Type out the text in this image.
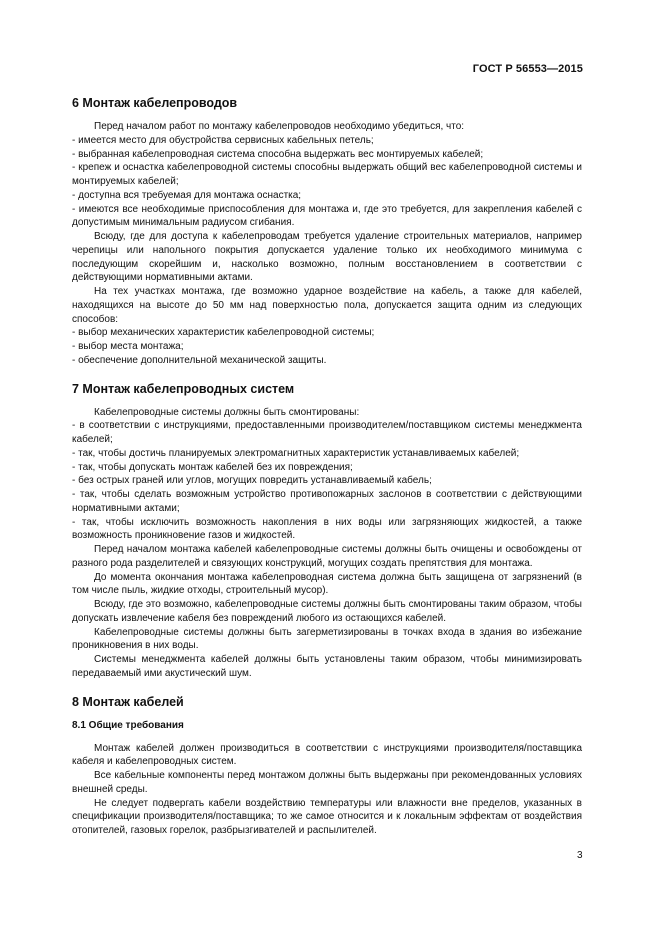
ГОСТ Р 56553—2015
6 Монтаж кабелепроводов

Перед началом работ по монтажу кабелепроводов необходимо убедиться, что:

- имеется место для обустройства сервисных кабельных петель;

- выбранная кабелепроводная система способна выдержать вес монтируемых кабелей;

- крепеж и оснастка кабелепроводной системы способны выдержать общий вес кабелепроводной системы и монтируемых кабелей;

- доступна вся требуемая для монтажа оснастка;

- имеются все необходимые приспособления для монтажа и, где это требуется, для закрепления кабелей с допустимым минимальным радиусом сгибания.

Всюду, где для доступа к кабелепроводам требуется удаление строительных материалов, например черепицы или напольного покрытия допускается удаление только их необходимого минимума с последующим скорейшим и, насколько возможно, полным восстановлением в соответствии с действующими нормативными актами.

На тех участках монтажа, где возможно ударное воздействие на кабель, а также для кабелей, находящихся на высоте до 50 мм над поверхностью пола, допускается защита одним из следующих способов:

- выбор механических характеристик кабелепроводной системы;

- выбор места монтажа;

- обеспечение дополнительной механической защиты.

7 Монтаж кабелепроводных систем

Кабелепроводные системы должны быть смонтированы:

- в соответствии с инструкциями, предоставленными производителем/поставщиком системы менеджмента кабелей;

- так, чтобы достичь планируемых электромагнитных характеристик устанавливаемых кабелей;

- так, чтобы допускать монтаж кабелей без их повреждения;

- без острых граней или углов, могущих повредить устанавливаемый кабель;

- так, чтобы сделать возможным устройство противопожарных заслонов в соответствии с действующими нормативными актами;

- так, чтобы исключить возможность накопления в них воды или загрязняющих жидкостей, а также возможность проникновение газов и жидкостей.

Перед началом монтажа кабелей кабелепроводные системы должны быть очищены и освобождены от разного рода разделителей и связующих конструкций, могущих создать препятствия для монтажа.

До момента окончания монтажа кабелепроводная система должна быть защищена от загрязнений (в том числе пыль, жидкие отходы, строительный мусор).

Всюду, где это возможно, кабелепроводные системы должны быть смонтированы таким образом, чтобы допускать извлечение кабеля без повреждений любого из остающихся кабелей.

Кабелепроводные системы должны быть загерметизированы в точках входа в здания во избежание проникновения в них воды.

Системы менеджмента кабелей должны быть установлены таким образом, чтобы минимизировать передаваемый ими акустический шум.

8 Монтаж кабелей
8.1 Общие требования

Монтаж кабелей должен производиться в соответствии с инструкциями производителя/поставщика кабеля и кабелепроводных систем.

Все кабельные компоненты перед монтажом должны быть выдержаны при рекомендованных условиях внешней среды.

Не следует подвергать кабели воздействию температуры или влажности вне пределов, указанных в спецификации производителя/поставщика; то же самое относится и к локальным эффектам от воздействия отопителей, газовых горелок, разбрызгивателей и распылителей.

3
